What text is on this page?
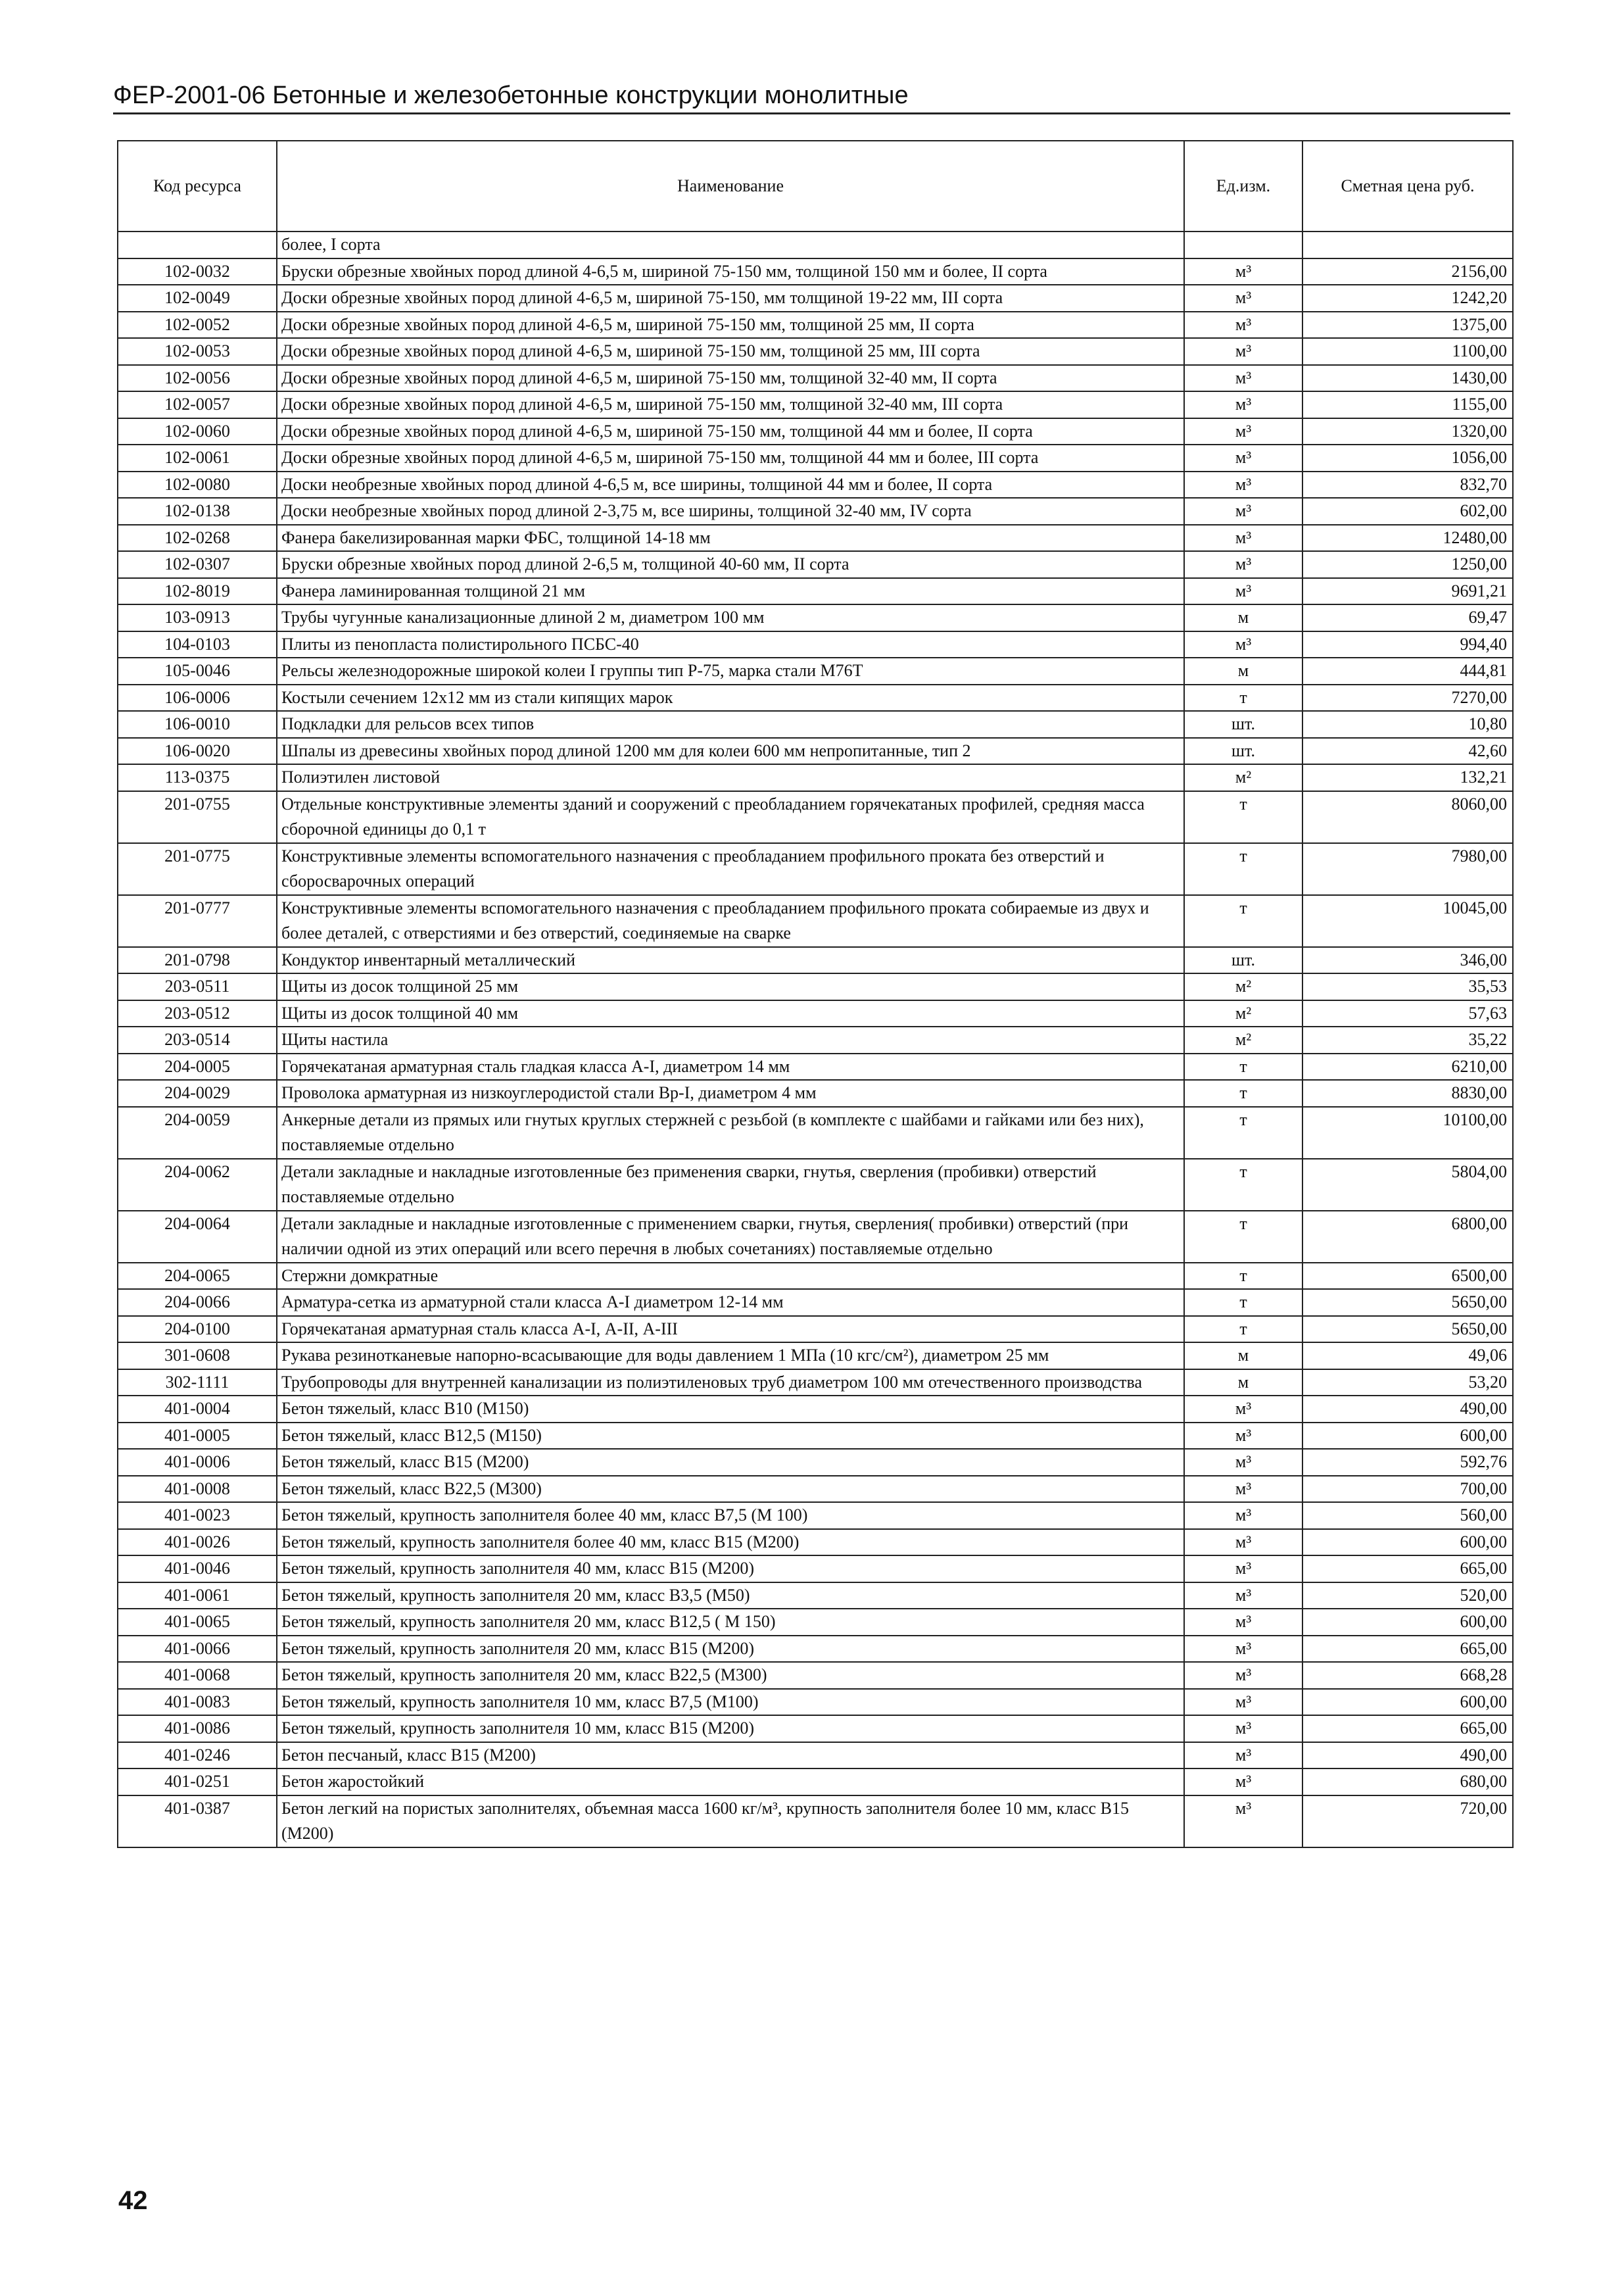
ФЕР-2001-06 Бетонные и железобетонные конструкции монолитные
Код ресурса	Наименование	Ед.изм.	Сметная цена руб.
	более, I сорта		
102-0032	Бруски обрезные хвойных пород длиной 4-6,5 м, шириной 75-150 мм, толщиной 150 мм и более, II сорта	м³	2156,00
102-0049	Доски обрезные хвойных пород длиной 4-6,5 м, шириной 75-150, мм толщиной 19-22 мм, III сорта	м³	1242,20
102-0052	Доски обрезные хвойных пород длиной 4-6,5 м, шириной 75-150 мм, толщиной 25 мм, II сорта	м³	1375,00
102-0053	Доски обрезные хвойных пород длиной 4-6,5 м, шириной 75-150 мм, толщиной 25 мм, III сорта	м³	1100,00
102-0056	Доски обрезные хвойных пород длиной 4-6,5 м, шириной 75-150 мм, толщиной 32-40 мм, II сорта	м³	1430,00
102-0057	Доски обрезные хвойных пород длиной 4-6,5 м, шириной 75-150 мм, толщиной 32-40 мм, III сорта	м³	1155,00
102-0060	Доски обрезные хвойных пород длиной 4-6,5 м, шириной 75-150 мм, толщиной 44 мм и более, II сорта	м³	1320,00
102-0061	Доски обрезные хвойных пород длиной 4-6,5 м, шириной 75-150 мм, толщиной 44 мм и более, III сорта	м³	1056,00
102-0080	Доски необрезные хвойных пород длиной 4-6,5 м, все ширины, толщиной 44 мм и более, II сорта	м³	832,70
102-0138	Доски необрезные хвойных пород длиной 2-3,75 м, все ширины, толщиной 32-40 мм, IV сорта	м³	602,00
102-0268	Фанера бакелизированная марки ФБС, толщиной 14-18 мм	м³	12480,00
102-0307	Бруски обрезные хвойных пород длиной 2-6,5 м, толщиной 40-60 мм, II сорта	м³	1250,00
102-8019	Фанера ламинированная толщиной 21 мм	м³	9691,21
103-0913	Трубы чугунные канализационные длиной 2 м, диаметром 100 мм	м	69,47
104-0103	Плиты из пенопласта полистирольного ПСБС-40	м³	994,40
105-0046	Рельсы железнодорожные широкой колеи I группы тип Р-75, марка стали М76Т	м	444,81
106-0006	Костыли сечением 12х12 мм из стали кипящих марок	т	7270,00
106-0010	Подкладки для рельсов всех типов	шт.	10,80
106-0020	Шпалы из древесины хвойных пород длиной 1200 мм для колеи 600 мм непропитанные, тип 2	шт.	42,60
113-0375	Полиэтилен листовой	м²	132,21
201-0755	Отдельные конструктивные элементы зданий и сооружений с преобладанием горячекатаных профилей, средняя масса сборочной единицы до 0,1 т	т	8060,00
201-0775	Конструктивные элементы вспомогательного назначения с преобладанием профильного проката без отверстий и сборосварочных операций	т	7980,00
201-0777	Конструктивные элементы вспомогательного назначения с преобладанием профильного проката собираемые из двух и более деталей, с отверстиями и без отверстий, соединяемые на сварке	т	10045,00
201-0798	Кондуктор инвентарный металлический	шт.	346,00
203-0511	Щиты из досок толщиной 25 мм	м²	35,53
203-0512	Щиты из досок толщиной 40 мм	м²	57,63
203-0514	Щиты настила	м²	35,22
204-0005	Горячекатаная арматурная сталь гладкая класса А-I, диаметром 14 мм	т	6210,00
204-0029	Проволока арматурная из низкоуглеродистой стали Вр-I, диаметром 4 мм	т	8830,00
204-0059	Анкерные детали из прямых или гнутых круглых стержней с резьбой (в комплекте с шайбами и гайками или без них), поставляемые отдельно	т	10100,00
204-0062	Детали закладные и накладные изготовленные без применения сварки, гнутья, сверления (пробивки) отверстий поставляемые отдельно	т	5804,00
204-0064	Детали закладные и накладные изготовленные с применением сварки, гнутья, сверления( пробивки) отверстий (при наличии одной из этих операций или всего перечня в любых сочетаниях) поставляемые отдельно	т	6800,00
204-0065	Стержни домкратные	т	6500,00
204-0066	Арматура-сетка из арматурной стали класса А-I диаметром 12-14 мм	т	5650,00
204-0100	Горячекатаная арматурная сталь класса А-I, А-II, А-III	т	5650,00
301-0608	Рукава резинотканевые напорно-всасывающие для воды давлением 1 МПа (10 кгс/см²), диаметром 25 мм	м	49,06
302-1111	Трубопроводы для внутренней канализации из полиэтиленовых труб диаметром 100 мм отечественного производства	м	53,20
401-0004	Бетон тяжелый, класс В10 (М150)	м³	490,00
401-0005	Бетон тяжелый, класс В12,5 (М150)	м³	600,00
401-0006	Бетон тяжелый, класс В15 (М200)	м³	592,76
401-0008	Бетон тяжелый, класс В22,5 (М300)	м³	700,00
401-0023	Бетон тяжелый, крупность заполнителя более 40 мм, класс В7,5 (М 100)	м³	560,00
401-0026	Бетон тяжелый, крупность заполнителя более 40 мм, класс В15 (М200)	м³	600,00
401-0046	Бетон тяжелый, крупность заполнителя 40 мм, класс В15 (М200)	м³	665,00
401-0061	Бетон тяжелый, крупность заполнителя 20 мм, класс В3,5 (М50)	м³	520,00
401-0065	Бетон тяжелый, крупность заполнителя 20 мм, класс В12,5 ( М 150)	м³	600,00
401-0066	Бетон тяжелый, крупность заполнителя 20 мм, класс В15 (М200)	м³	665,00
401-0068	Бетон тяжелый, крупность заполнителя 20 мм, класс В22,5 (М300)	м³	668,28
401-0083	Бетон тяжелый, крупность заполнителя 10 мм, класс В7,5 (М100)	м³	600,00
401-0086	Бетон тяжелый, крупность заполнителя 10 мм, класс В15 (М200)	м³	665,00
401-0246	Бетон песчаный, класс В15 (М200)	м³	490,00
401-0251	Бетон жаростойкий	м³	680,00
401-0387	Бетон легкий на пористых заполнителях, объемная масса 1600 кг/м³, крупность заполнителя более 10 мм, класс В15 (М200)	м³	720,00
42
